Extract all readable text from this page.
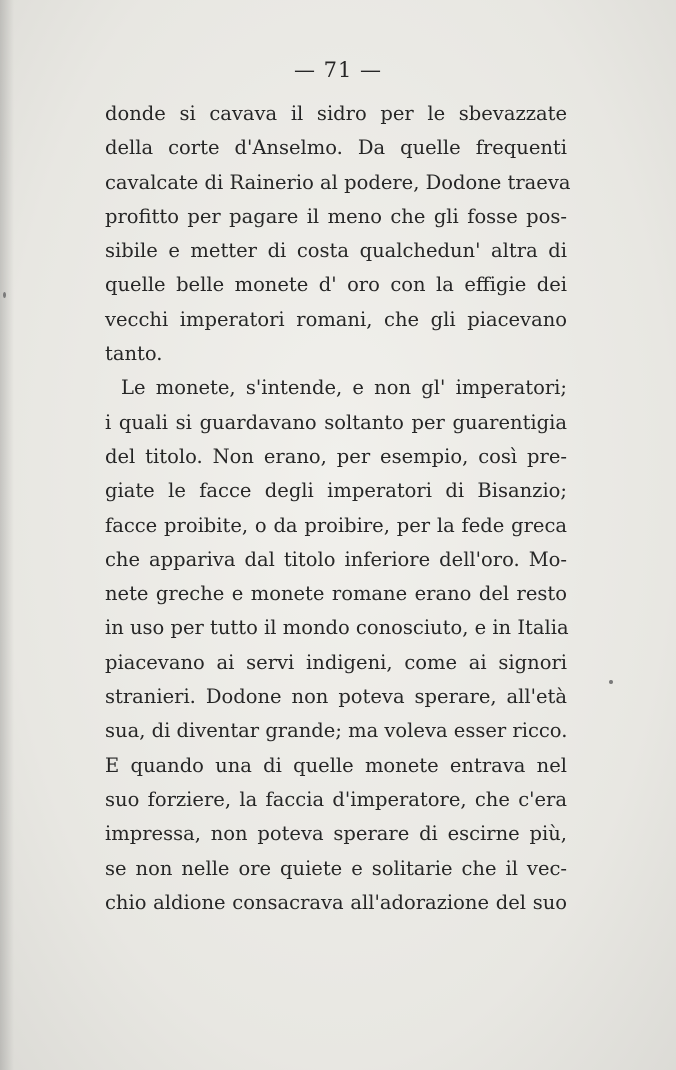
— 71 —
donde si cavava il sidro per le sbevazzate
della corte d'Anselmo. Da quelle frequenti
cavalcate di Rainerio al podere, Dodone traeva
profitto per pagare il meno che gli fosse pos-
sibile e metter di costa qualchedun' altra di
quelle belle monete d' oro con la effigie dei
vecchi imperatori romani, che gli piacevano
tanto.
Le monete, s'intende, e non gl' imperatori;
i quali si guardavano soltanto per guarentigia
del titolo. Non erano, per esempio, così pre-
giate le facce degli imperatori di Bisanzio;
facce proibite, o da proibire, per la fede greca
che appariva dal titolo inferiore dell'oro. Mo-
nete greche e monete romane erano del resto
in uso per tutto il mondo conosciuto, e in Italia
piacevano ai servi indigeni, come ai signori
stranieri. Dodone non poteva sperare, all'età
sua, di diventar grande; ma voleva esser ricco.
E quando una di quelle monete entrava nel
suo forziere, la faccia d'imperatore, che c'era
impressa, non poteva sperare di escirne più,
se non nelle ore quiete e solitarie che il vec-
chio aldione consacrava all'adorazione del suo
